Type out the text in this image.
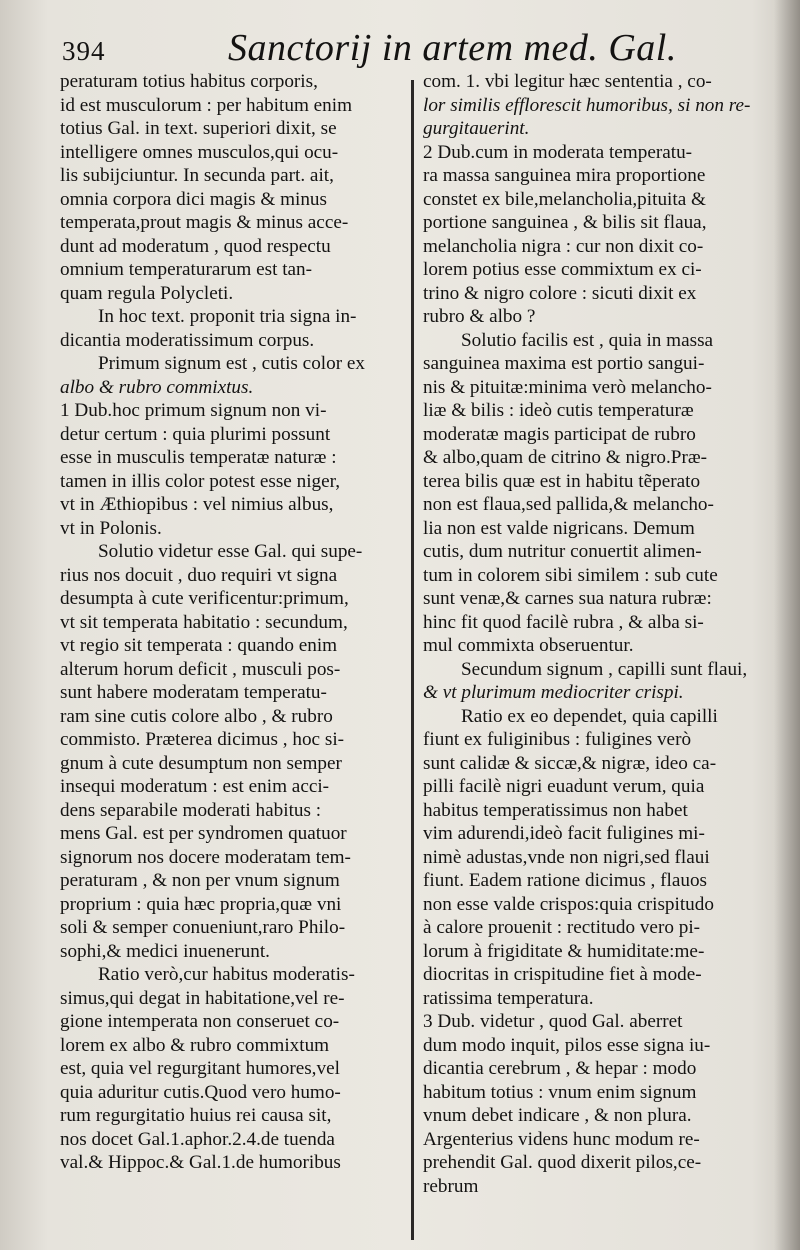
394	Sanctorij in artem med. Gal.
peraturam totius habitus corporis,
id est musculorum : per habitum enim
totius Gal. in text. superiori dixit, se
intelligere omnes musculos,qui ocu-
lis subijciuntur. In secunda part. ait,
omnia corpora dici magis & minus
temperata,prout magis & minus acce-
dunt ad moderatum , quod respectu
omnium temperaturarum est tan-
quam regula Polycleti.
In hoc text. proponit tria signa in-
dicantia moderatissimum corpus.
Primum signum est , cutis color ex
albo & rubro commixtus.
1 Dub.hoc primum signum non vi-
detur certum : quia plurimi possunt
esse in musculis temperatæ naturæ :
tamen in illis color potest esse niger,
vt in Æthiopibus : vel nimius albus,
vt in Polonis.
Solutio videtur esse Gal. qui supe-
rius nos docuit , duo requiri vt signa
desumpta à cute verificentur:primum,
vt sit temperata habitatio : secundum,
vt regio sit temperata : quando enim
alterum horum deficit , musculi pos-
sunt habere moderatam temperatu-
ram sine cutis colore albo , & rubro
commisto. Præterea dicimus , hoc si-
gnum à cute desumptum non semper
insequi moderatum : est enim acci-
dens separabile moderati habitus :
mens Gal. est per syndromen quatuor
signorum nos docere moderatam tem-
peraturam , & non per vnum signum
proprium : quia hæc propria,quæ vni
soli & semper conueniunt,raro Philo-
sophi,& medici inuenerunt.
Ratio verò,cur habitus moderatis-
simus,qui degat in habitatione,vel re-
gione intemperata non conseruet co-
lorem ex albo & rubro commixtum
est, quia vel regurgitant humores,vel
quia aduritur cutis.Quod vero humo-
rum regurgitatio huius rei causa sit,
nos docet Gal.1.aphor.2.4.de tuenda
val.& Hippoc.& Gal.1.de humoribus
com. 1. vbi legitur hæc sententia , co-
lor similis efflorescit humoribus, si non re-
gurgitauerint.
2 Dub.cum in moderata temperatu-
ra massa sanguinea mira proportione
constet ex bile,melancholia,pituita &
portione sanguinea , & bilis sit flaua,
melancholia nigra : cur non dixit co-
lorem potius esse commixtum ex ci-
trino & nigro colore : sicuti dixit ex
rubro & albo ?
Solutio facilis est , quia in massa
sanguinea maxima est portio sangui-
nis & pituitæ:minima verò melancho-
liæ & bilis : ideò cutis temperaturæ
moderatæ magis participat de rubro
& albo,quam de citrino & nigro.Præ-
terea bilis quæ est in habitu tẽperato
non est flaua,sed pallida,& melancho-
lia non est valde nigricans. Demum
cutis, dum nutritur conuertit alimen-
tum in colorem sibi similem : sub cute
sunt venæ,& carnes sua natura rubræ:
hinc fit quod facilè rubra , & alba si-
mul commixta obseruentur.
Secundum signum , capilli sunt flaui,
& vt plurimum mediocriter crispi.
Ratio ex eo dependet, quia capilli
fiunt ex fuliginibus : fuligines verò
sunt calidæ & siccæ,& nigræ, ideo ca-
pilli facilè nigri euadunt verum, quia
habitus temperatissimus non habet
vim adurendi,ideò facit fuligines mi-
nimè adustas,vnde non nigri,sed flaui
fiunt. Eadem ratione dicimus , flauos
non esse valde crispos:quia crispitudo
à calore prouenit : rectitudo vero pi-
lorum à frigiditate & humiditate:me-
diocritas in crispitudine fiet à mode-
ratissima temperatura.
3 Dub. videtur , quod Gal. aberret
dum modo inquit, pilos esse signa iu-
dicantia cerebrum , & hepar : modo
habitum totius : vnum enim signum
vnum debet indicare , & non plura.
Argenterius videns hunc modum re-
prehendit Gal. quod dixerit pilos,ce-
rebrum
